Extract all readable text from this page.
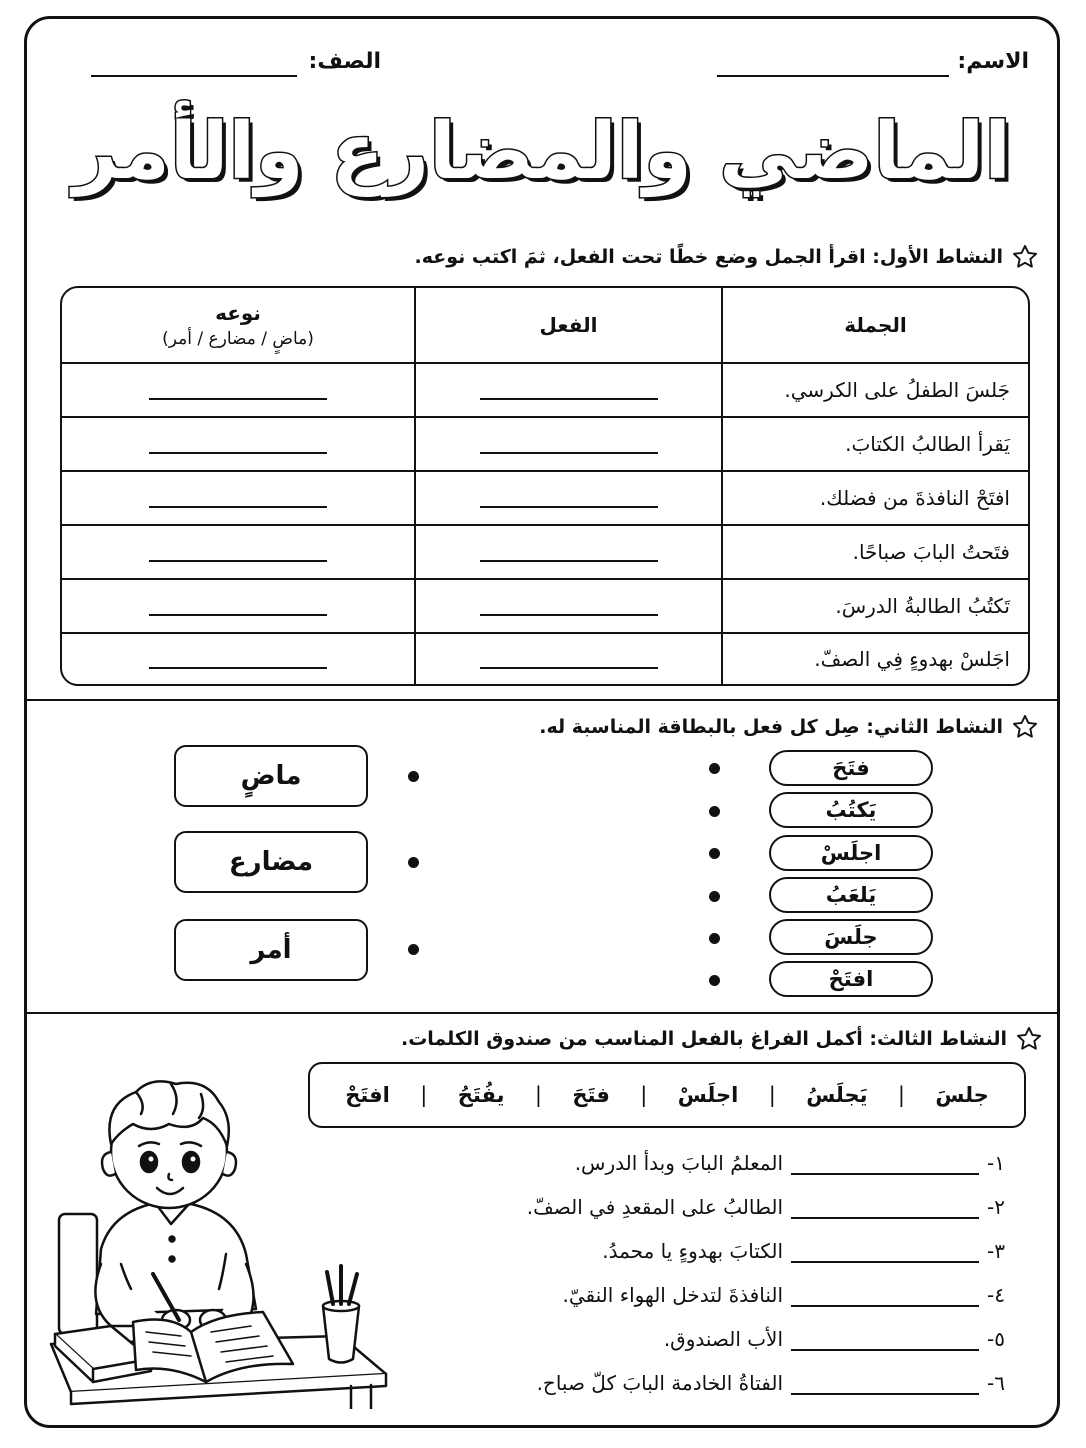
الاسم:
الصف:
الماضي والمضارع والأمر
النشاط الأول: اقرأ الجمل وضع خطًا تحت الفعل، ثمَ اكتب نوعه.
الجملة	الفعل	نوعه
(ماضٍ / مضارع / أمر)

جَلسَ الطفلُ على الكرسي.		
يَقرأ الطالبُ الكتابَ.		
افتَحْ النافذةَ من فضلك.		
فتَحتُ البابَ صباحًا.		
تَكتُبُ الطالبةُ الدرسَ.		
اجَلسْ بهدوءٍ فِي الصفّ.		
النشاط الثاني: صِل كل فعل بالبطاقة المناسبة له.
فتَحَ
يَكتُبُ
اجلَسْ
يَلعَبُ
جلَسَ
افتَحْ
ماضٍ
مضارع
أمر
النشاط الثالث: أكمل الفراغ بالفعل المناسب من صندوق الكلمات.
جلسَ
|
يَجلَسُ
|
اجلَسْ
|
فتَحَ
|
يفُتَحُ
|
افتَحْ
١-
المعلمُ البابَ وبدأ الدرس.
٢-
الطالبُ على المقعدِ في الصفّ.
٣-
الكتابَ بهدوءٍ يا محمدُ.
٤-
النافذةَ لتدخل الهواء النقيّ.
٥-
الأب الصندوق.
٦-
الفتاةُ الخادمة البابَ كلّ صباح.
